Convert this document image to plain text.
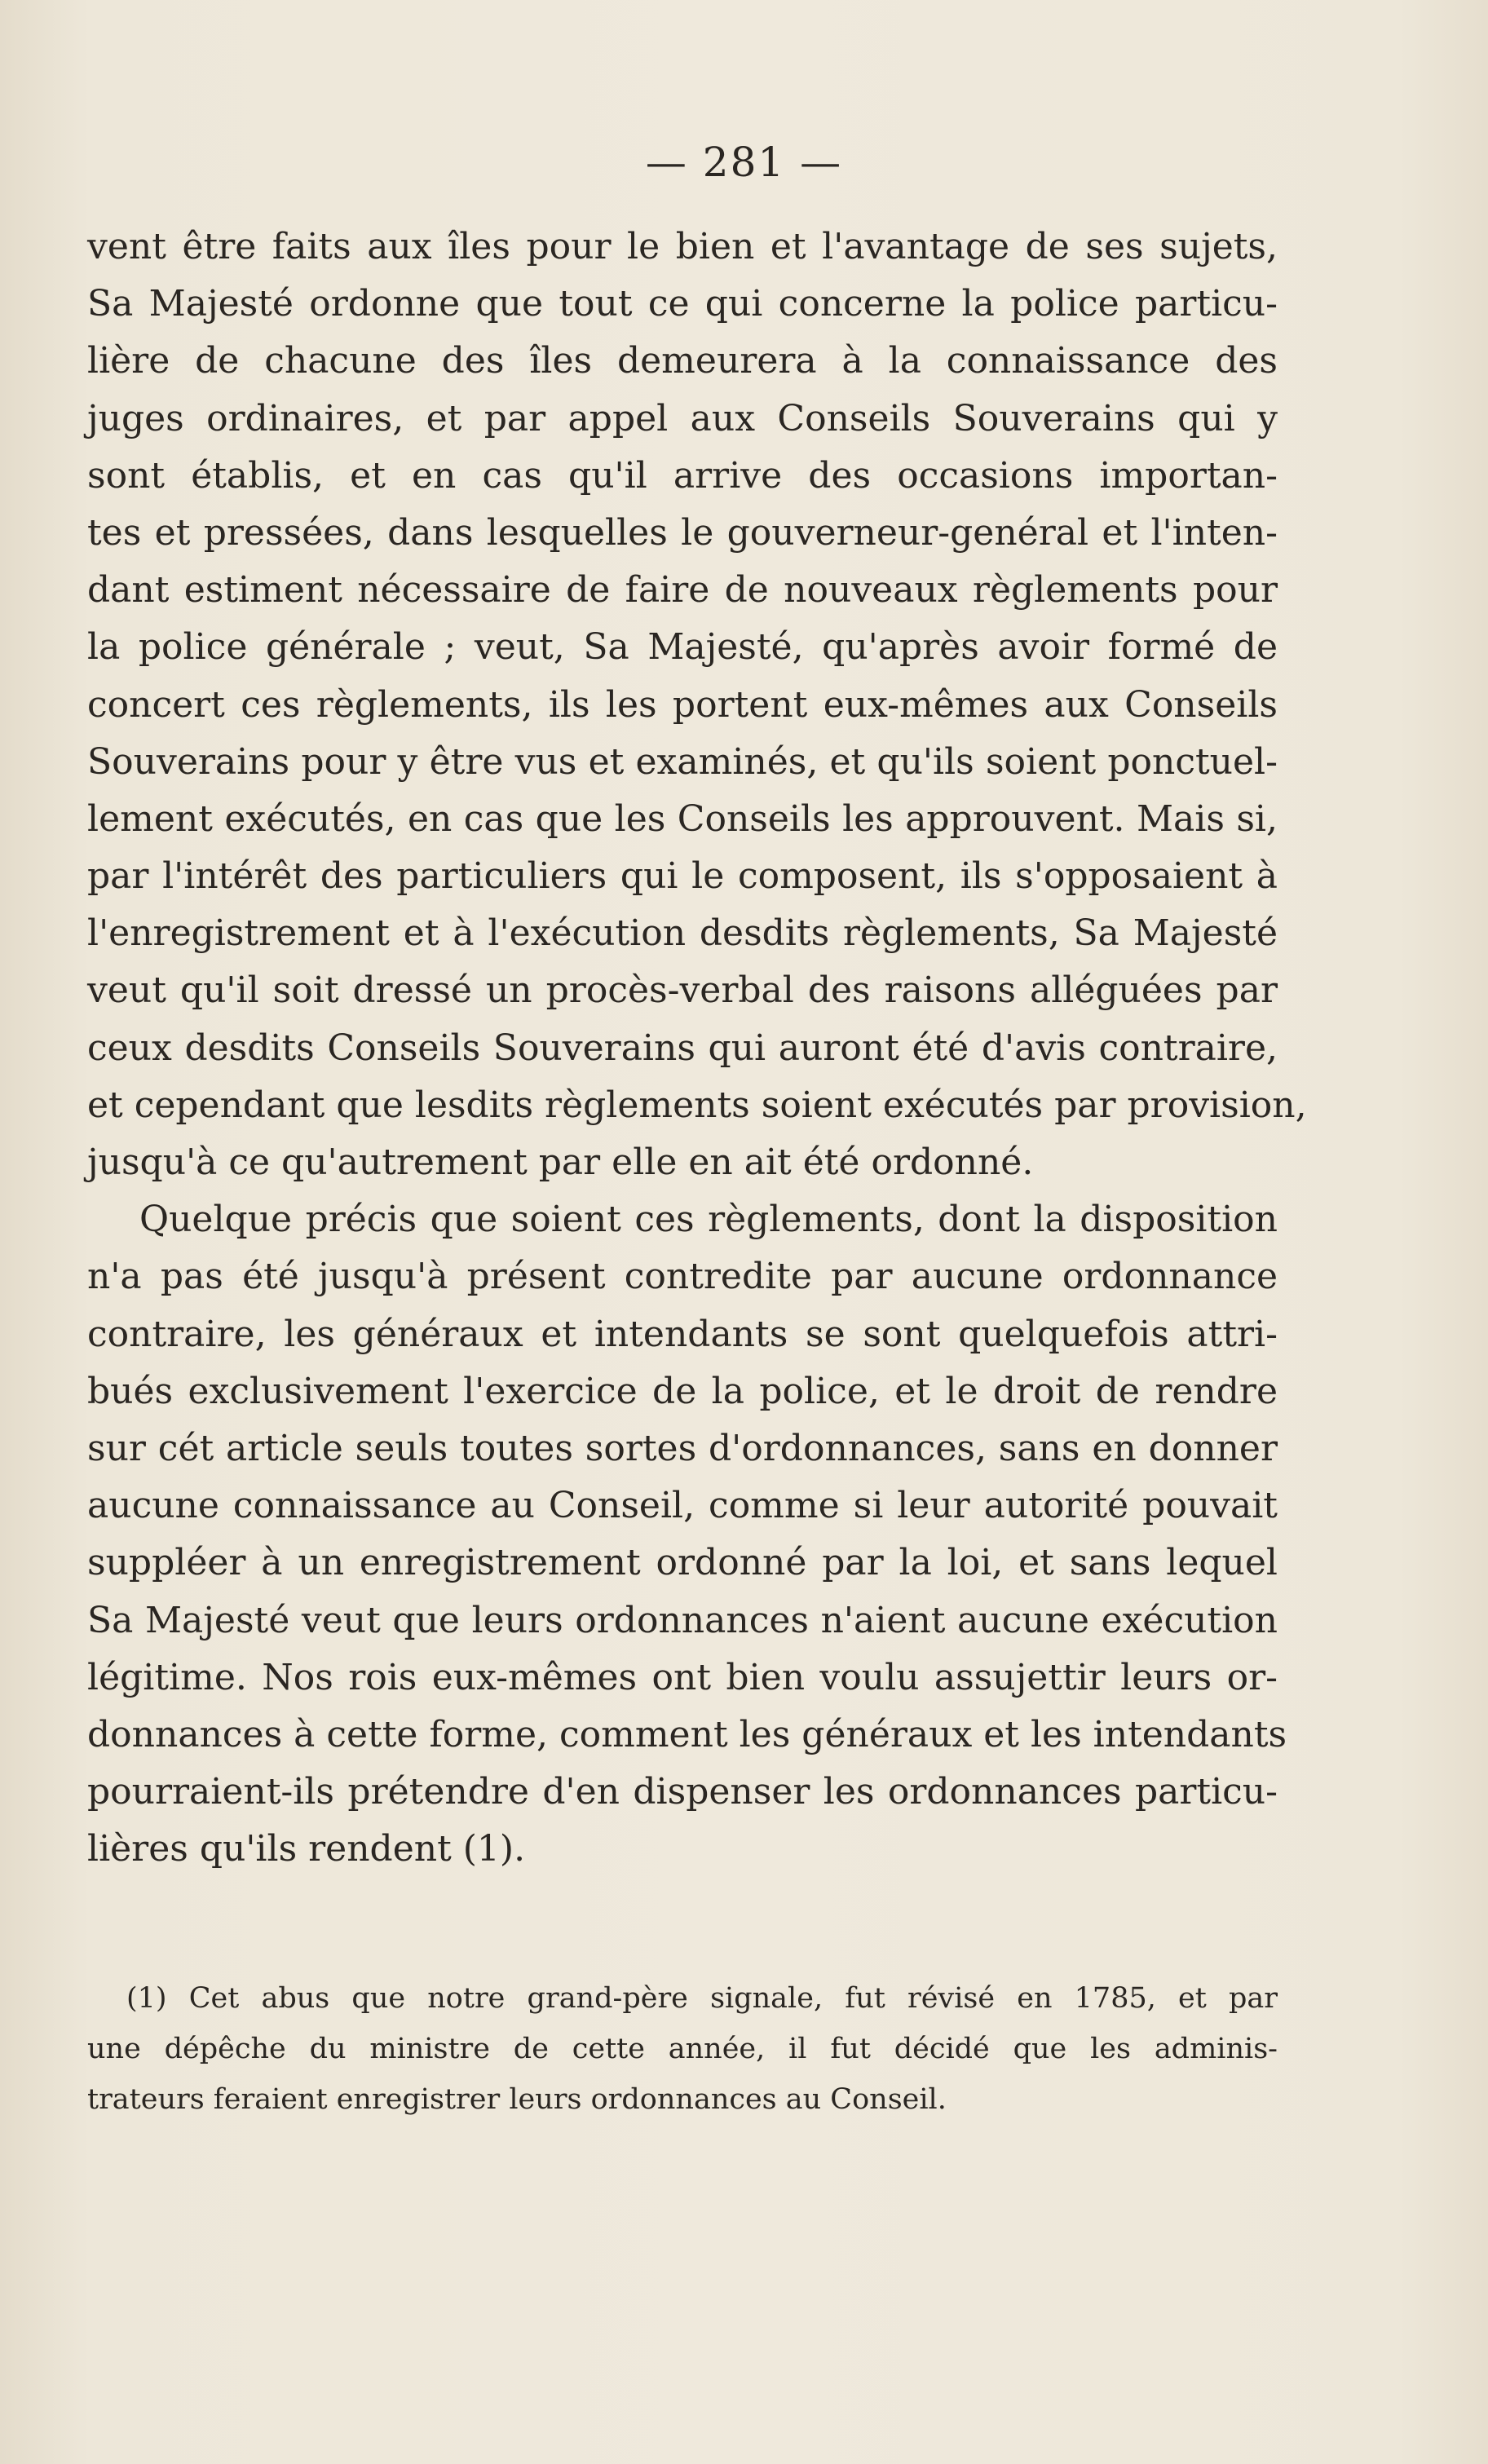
— 281 —
vent être faits aux îles pour le bien et l'avantage de ses sujets,
Sa Majesté ordonne que tout ce qui concerne la police particu-
lière de chacune des îles demeurera à la connaissance des
juges ordinaires, et par appel aux Conseils Souverains qui y
sont établis, et en cas qu'il arrive des occasions importan-
tes et pressées, dans lesquelles le gouverneur-genéral et l'inten-
dant estiment nécessaire de faire de nouveaux règlements pour
la police générale ; veut, Sa Majesté, qu'après avoir formé de
concert ces règlements, ils les portent eux-mêmes aux Conseils
Souverains pour y être vus et examinés, et qu'ils soient ponctuel-
lement exécutés, en cas que les Conseils les approuvent. Mais si,
par l'intérêt des particuliers qui le composent, ils s'opposaient à
l'enregistrement et à l'exécution desdits règlements, Sa Majesté
veut qu'il soit dressé un procès-verbal des raisons alléguées par
ceux desdits Conseils Souverains qui auront été d'avis contraire,
et cependant que lesdits règlements soient exécutés par provision,
jusqu'à ce qu'autrement par elle en ait été ordonné.
Quelque précis que soient ces règlements, dont la disposition
n'a pas été jusqu'à présent contredite par aucune ordonnance
contraire, les généraux et intendants se sont quelquefois attri-
bués exclusivement l'exercice de la police, et le droit de rendre
sur cét article seuls toutes sortes d'ordonnances, sans en donner
aucune connaissance au Conseil, comme si leur autorité pouvait
suppléer à un enregistrement ordonné par la loi, et sans lequel
Sa Majesté veut que leurs ordonnances n'aient aucune exécution
légitime. Nos rois eux-mêmes ont bien voulu assujettir leurs or-
donnances à cette forme, comment les généraux et les intendants
pourraient-ils prétendre d'en dispenser les ordonnances particu-
lières qu'ils rendent (1).
(1) Cet abus que notre grand-père signale, fut révisé en 1785, et par
une dépêche du ministre de cette année, il fut décidé que les adminis-
trateurs feraient enregistrer leurs ordonnances au Conseil.
